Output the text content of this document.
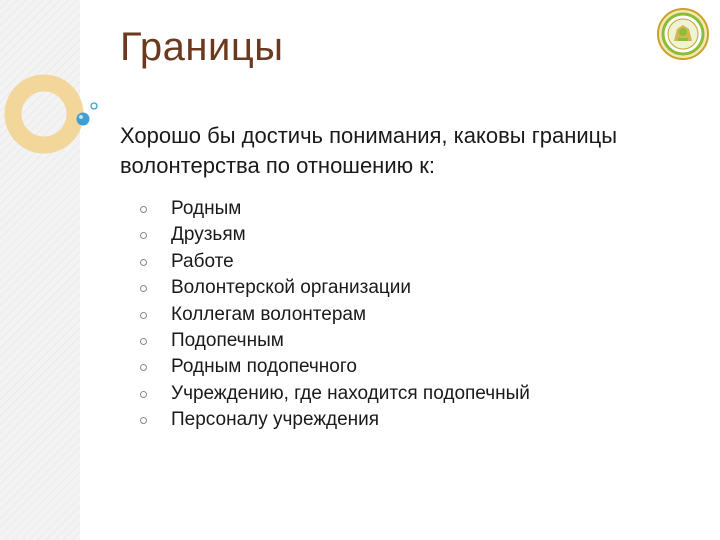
Границы

Хорошо бы достичь понимания, каковы границы волонтерства по отношению к:

Родным
Друзьям
Работе
Волонтерской организации
Коллегам волонтерам
Подопечным
Родным подопечного
Учреждению, где находится подопечный
Персоналу учреждения
